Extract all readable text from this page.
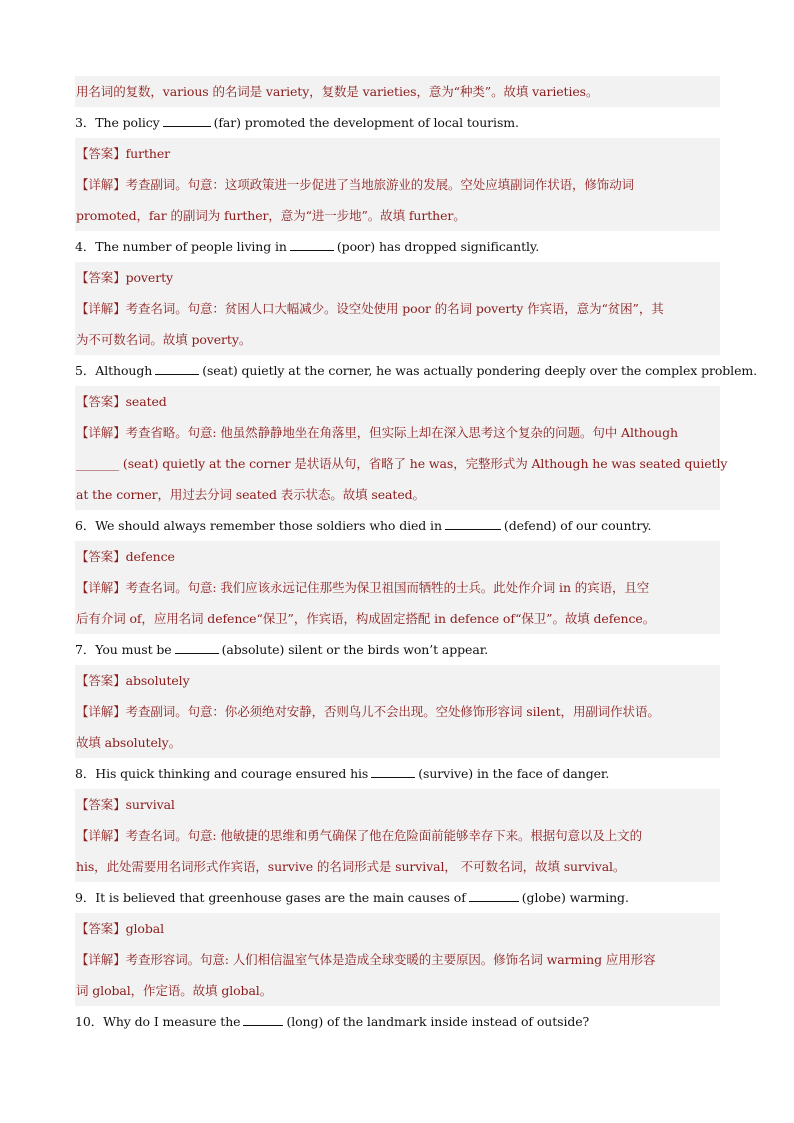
用名词的复数，various 的名词是 variety，复数是 varieties，意为“种类”。故填 varieties。
3．The policy	(far) promoted the development of local tourism.
【答案】further
【详解】考查副词。句意：这项政策进一步促进了当地旅游业的发展。空处应填副词作状语，修饰动词
promoted，far 的副词为 further，意为“进一步地”。故填 further。
4．The number of people living in	(poor) has dropped significantly.
【答案】poverty
【详解】考查名词。句意：贫困人口大幅减少。设空处使用 poor 的名词 poverty 作宾语，意为“贫困”，其
为不可数名词。故填 poverty。
5．Although	(seat) quietly at the corner, he was actually pondering deeply over the complex problem.
【答案】seated
【详解】考查省略。句意: 他虽然静静地坐在角落里，但实际上却在深入思考这个复杂的问题。句中 Although
_______ (seat) quietly at the corner 是状语从句，省略了 he was，完整形式为 Although he was seated quietly
at the corner，用过去分词 seated 表示状态。故填 seated。
6．We should always remember those soldiers who died in	(defend) of our country.
【答案】defence
【详解】考查名词。句意: 我们应该永远记住那些为保卫祖国而牺牲的士兵。此处作介词 in 的宾语，且空
后有介词 of，应用名词 defence“保卫”，作宾语，构成固定搭配 in defence of“保卫”。故填 defence。
7．You must be	(absolute) silent or the birds won’t appear.
【答案】absolutely
【详解】考查副词。句意：你必须绝对安静，否则鸟儿不会出现。空处修饰形容词 silent，用副词作状语。
故填 absolutely。
8．His quick thinking and courage ensured his	(survive) in the face of danger.
【答案】survival
【详解】考查名词。句意: 他敏捷的思维和勇气确保了他在危险面前能够幸存下来。根据句意以及上文的
his，此处需要用名词形式作宾语，survive 的名词形式是 survival， 不可数名词，故填 survival。
9．It is believed that greenhouse gases are the main causes of	(globe) warming.
【答案】global
【详解】考查形容词。句意: 人们相信温室气体是造成全球变暖的主要原因。修饰名词 warming 应用形容
词 global，作定语。故填 global。
10．Why do I measure the	(long) of the landmark inside instead of outside?
